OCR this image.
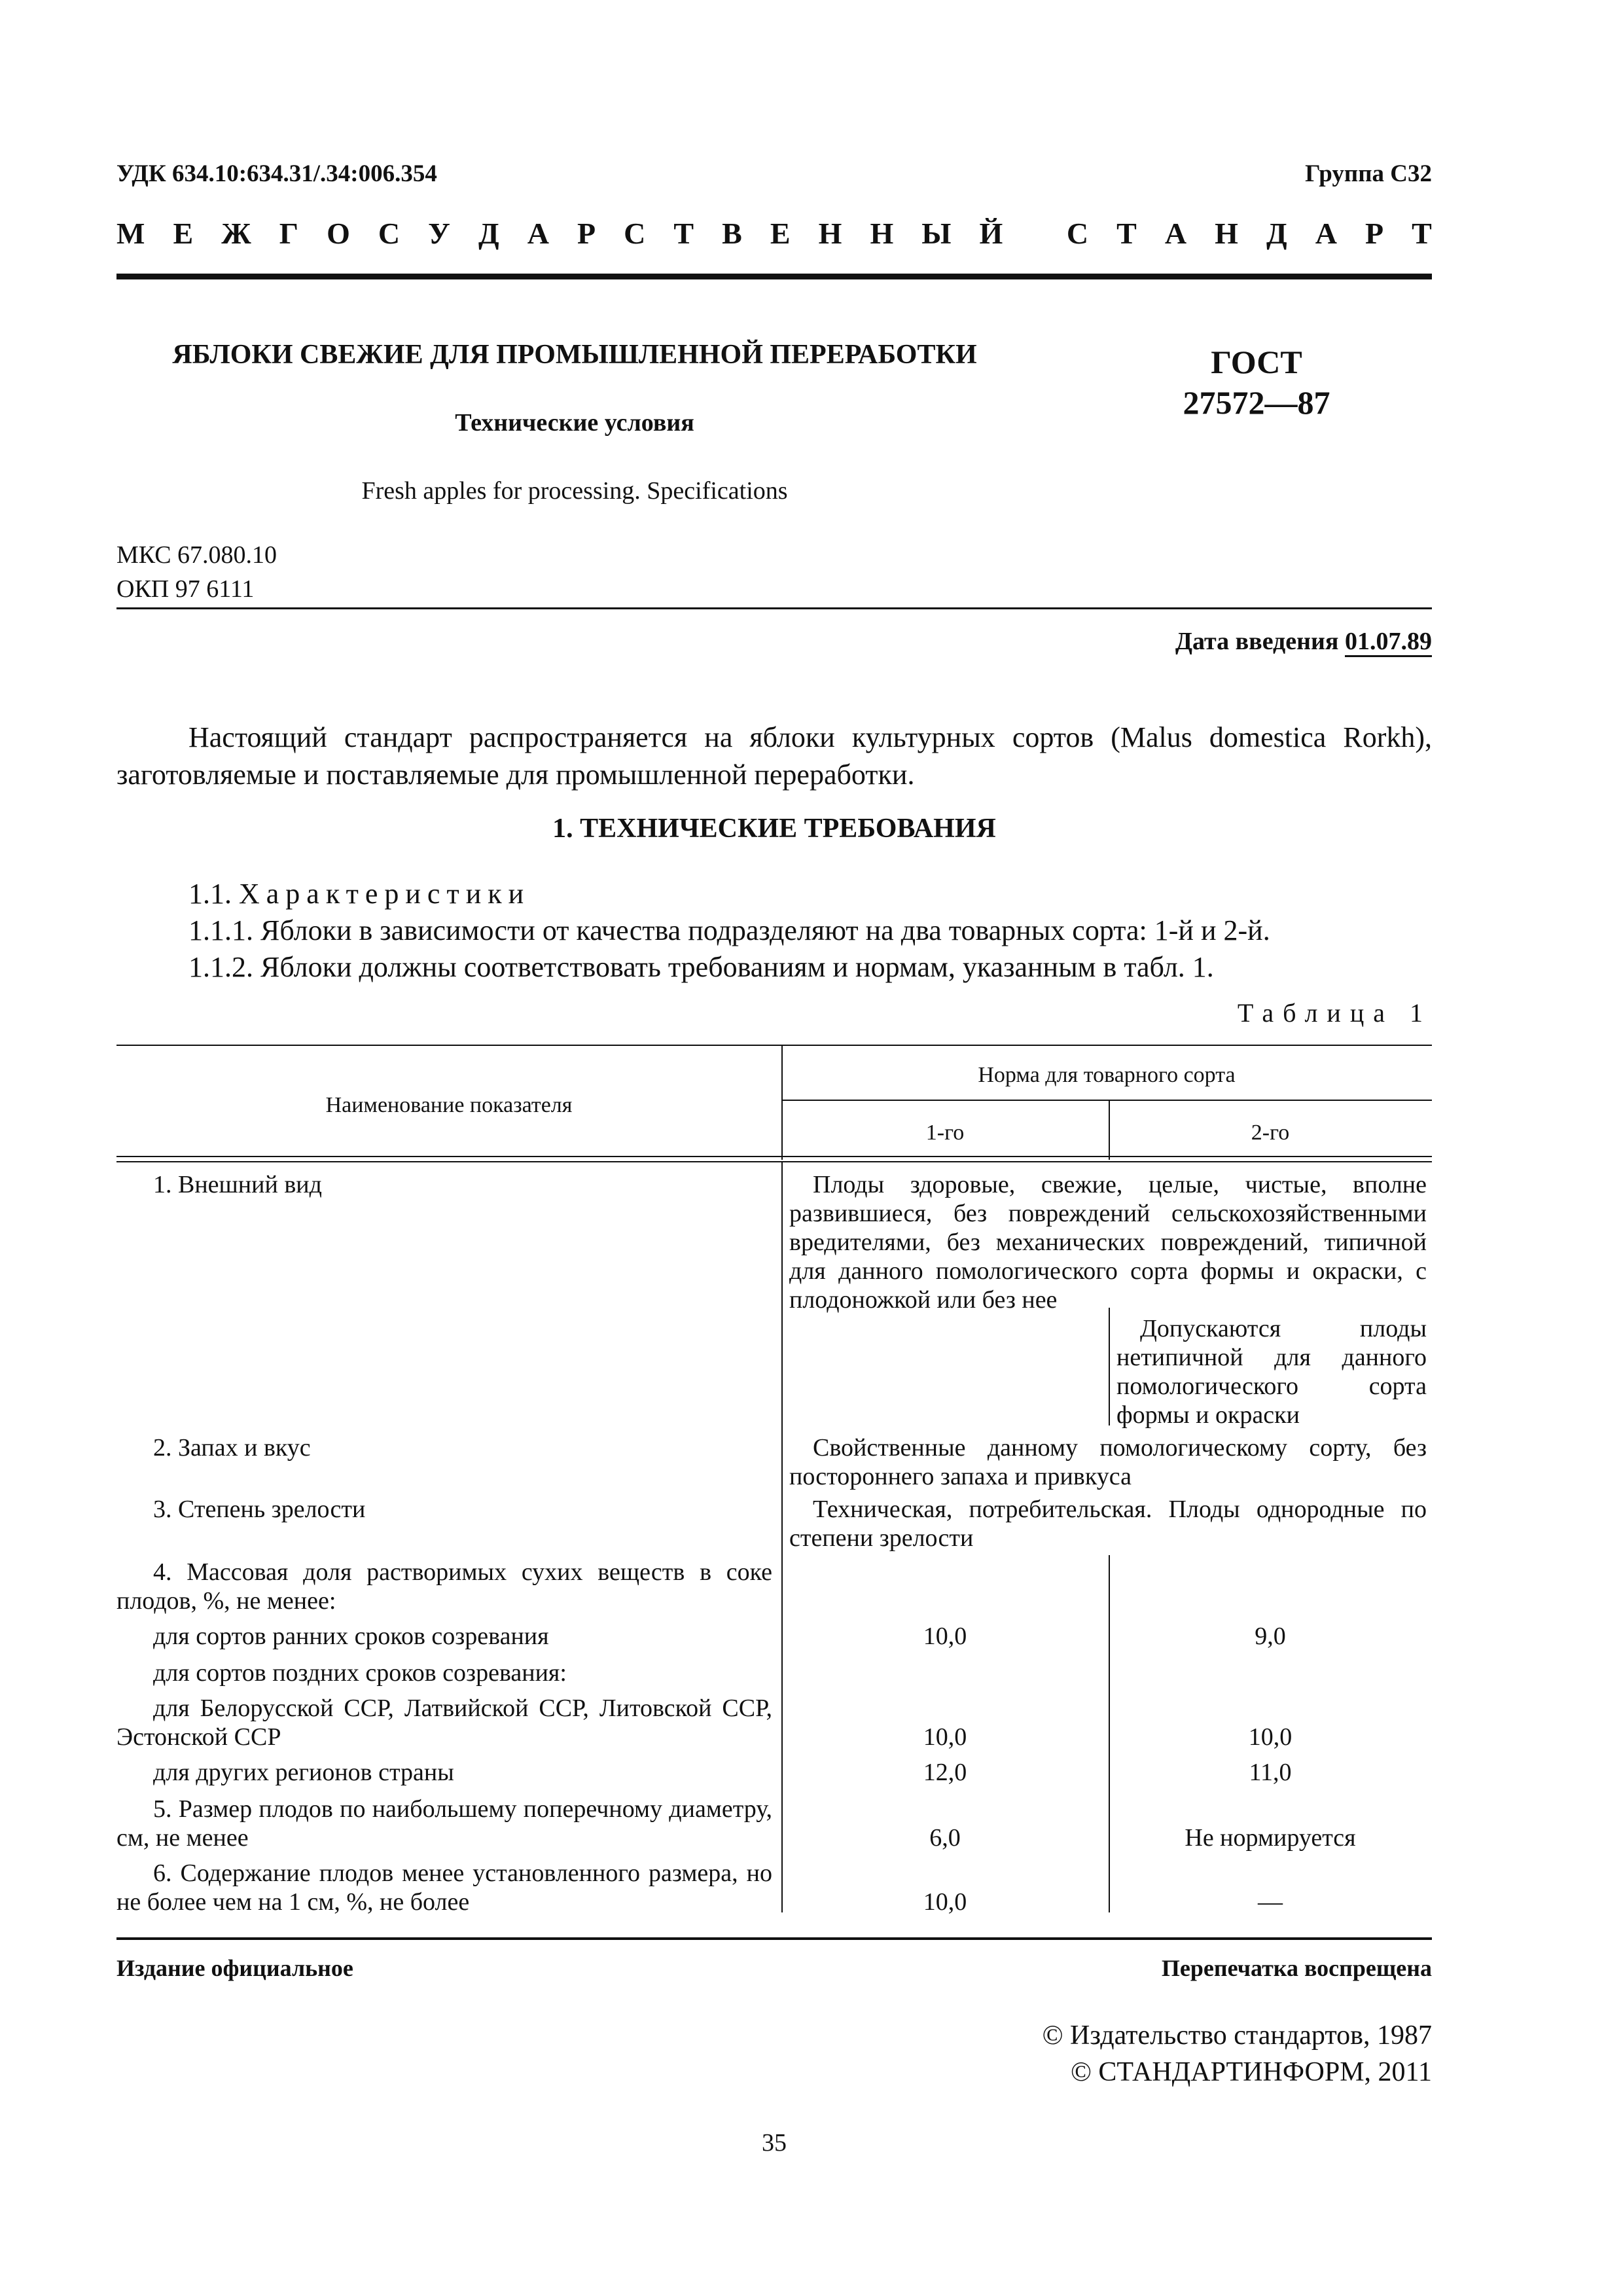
УДК 634.10:634.31/.34:006.354	Группа С32
М Е Ж Г О С У Д А Р С Т В Е Н Н Ы Й
С Т А Н Д А Р Т
ЯБЛОКИ СВЕЖИЕ ДЛЯ ПРОМЫШЛЕННОЙ ПЕРЕРАБОТКИ
Технические условия
Fresh apples for processing. Specifications
ГОСТ
27572—87
МКС 67.080.10
ОКП 97 6111
Дата введения 01.07.89
Настоящий стандарт распространяется на яблоки культурных сортов (Malus domestica Rorkh), заготовляемые и поставляемые для промышленной переработки.
1. ТЕХНИЧЕСКИЕ ТРЕБОВАНИЯ
1.1. Характеристики
1.1.1. Яблоки в зависимости от качества подразделяют на два товарных сорта: 1-й и 2-й.
1.1.2. Яблоки должны соответствовать требованиям и нормам, указанным в табл. 1.
Таблица 1
Наименование показателя
Норма для товарного сорта
1-го	2-го
1. Внешний вид	Плоды здоровые, свежие, целые, чистые, вполне развившиеся, без повреждений сельскохозяйственными вредителями, без механических повреждений, типичной для данного помологического сорта формы и окраски, с плодоножкой или без нее
Допускаются плоды нетипичной для данного помологического сорта формы и окраски
2. Запах и вкус	Свойственные данному помологическому сорту, без постороннего запаха и привкуса
3. Степень зрелости	Техническая, потребительская. Плоды однородные по степени зрелости
4. Массовая доля растворимых сухих веществ в соке плодов, %, не менее:
для сортов ранних сроков созревания	10,0	9,0
для сортов поздних сроков созревания:
для Белорусской ССР, Латвийской ССР, Литовской ССР, Эстонской ССР	10,0	10,0
для других регионов страны	12,0	11,0
5. Размер плодов по наибольшему поперечному диаметру, см, не менее	6,0	Не нормируется
6. Содержание плодов менее установленного размера, но не более чем на 1 см, %, не более	10,0	—
Издание официальное	Перепечатка воспрещена
© Издательство стандартов, 1987
© СТАНДАРТИНФОРМ, 2011
35
